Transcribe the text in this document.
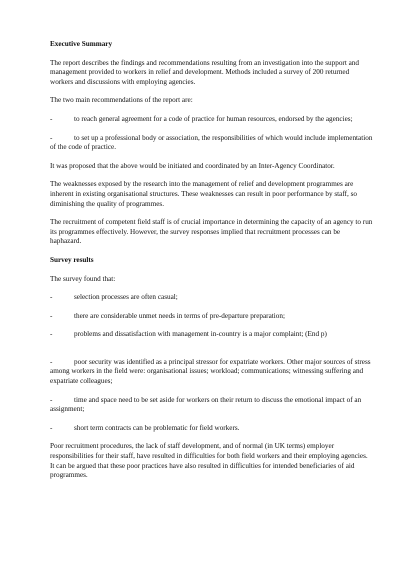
Executive Summary
The report describes the findings and recommendations resulting from an investigation into the support and management provided to workers in relief and development. Methods included a survey of 200 returned workers and discussions with employing agencies.
The two main recommendations of the report are:
-	to reach general agreement for a code of practice for human resources, endorsed by the agencies;
-	to set up a professional body or association, the responsibilities of which would include implementation of the code of practice.
It was proposed that the above would be initiated and coordinated by an Inter-Agency Coordinator.
The weaknesses exposed by the research into the management of relief and development programmes are inherent in existing organisational structures. These weaknesses can result in poor performance by staff, so diminishing the quality of programmes.
The recruitment of competent field staff is of crucial importance in determining the capacity of an agency to run its programmes effectively. However, the survey responses implied that recruitment processes can be haphazard.
Survey results
The survey found that:
-	selection processes are often casual;
-	there are considerable unmet needs in terms of pre-departure preparation;
-	problems and dissatisfaction with management in-country is a major complaint; (End p)
-	poor security was identified as a principal stressor for expatriate workers. Other major sources of stress among workers in the field were: organisational issues; workload; communications; witnessing suffering and expatriate colleagues;
-	time and space need to be set aside for workers on their return to discuss the emotional impact of an assignment;
-	short term contracts can be problematic for field workers.
Poor recruitment procedures, the lack of staff development, and of normal (in UK terms) employer responsibilities for their staff, have resulted in difficulties for both field workers and their employing agencies. It can be argued that these poor practices have also resulted in difficulties for intended beneficiaries of aid programmes.
